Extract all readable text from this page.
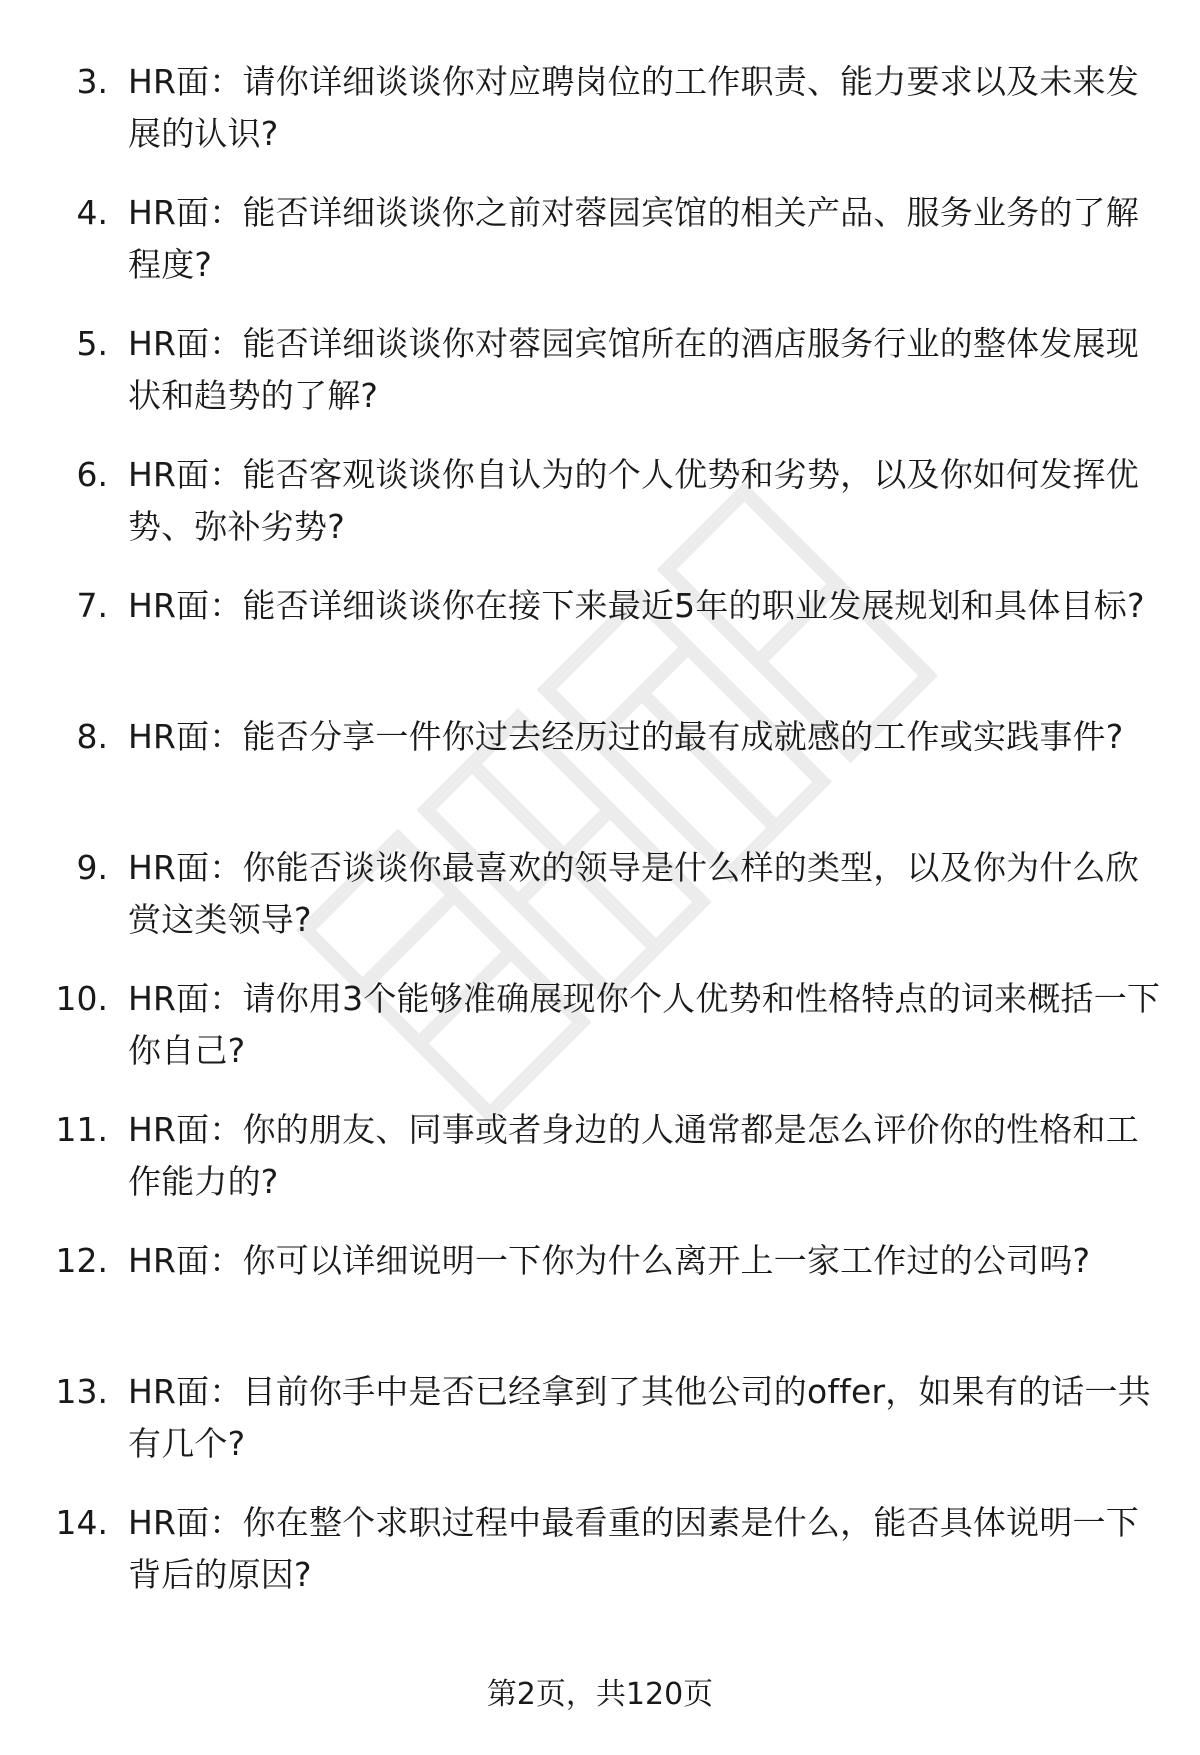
3. HR面：请你详细谈谈你对应聘岗位的工作职责、能力要求以及未来发展的认识?
4. HR面：能否详细谈谈你之前对蓉园宾馆的相关产品、服务业务的了解程度?
5. HR面：能否详细谈谈你对蓉园宾馆所在的酒店服务行业的整体发展现状和趋势的了解?
6. HR面：能否客观谈谈你自认为的个人优势和劣势，以及你如何发挥优势、弥补劣势?
7. HR面：能否详细谈谈你在接下来最近5年的职业发展规划和具体目标?
8. HR面：能否分享一件你过去经历过的最有成就感的工作或实践事件?
9. HR面：你能否谈谈你最喜欢的领导是什么样的类型，以及你为什么欣赏这类领导?
10. HR面：请你用3个能够准确展现你个人优势和性格特点的词来概括一下你自己?
11. HR面：你的朋友、同事或者身边的人通常都是怎么评价你的性格和工作能力的?
12. HR面：你可以详细说明一下你为什么离开上一家工作过的公司吗?
13. HR面：目前你手中是否已经拿到了其他公司的offer，如果有的话一共有几个?
14. HR面：你在整个求职过程中最看重的因素是什么，能否具体说明一下背后的原因?
第2页，共120页
